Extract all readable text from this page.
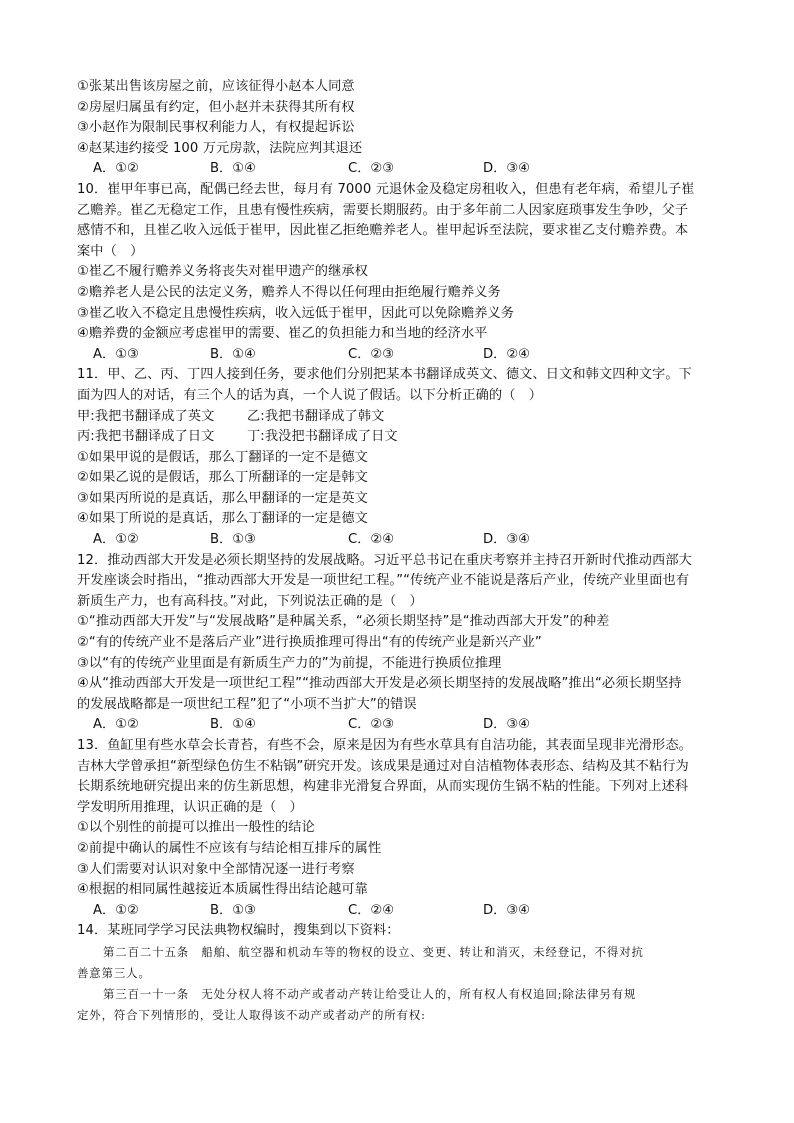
①张某出售该房屋之前，应该征得小赵本人同意
②房屋归属虽有约定，但小赵并未获得其所有权
③小赵作为限制民事权利能力人，有权提起诉讼
④赵某违约接受 100 万元房款，法院应判其退还
A．①②	B．①④	C．②③	D．③④
10．崔甲年事已高，配偶已经去世，每月有 7000 元退休金及稳定房租收入，但患有老年病，希望儿子崔
乙赡养。崔乙无稳定工作，且患有慢性疾病，需要长期服药。由于多年前二人因家庭琐事发生争吵，父子
感情不和，且崔乙收入远低于崔甲，因此崔乙拒绝赡养老人。崔甲起诉至法院，要求崔乙支付赡养费。本
案中（　）
①崔乙不履行赡养义务将丧失对崔甲遗产的继承权
②赡养老人是公民的法定义务，赡养人不得以任何理由拒绝履行赡养义务
③崔乙收入不稳定且患慢性疾病，收入远低于崔甲，因此可以免除赡养义务
④赡养费的金额应考虑崔甲的需要、崔乙的负担能力和当地的经济水平
A．①③	B．①④	C．②③	D．②④
11．甲、乙、丙、丁四人接到任务，要求他们分别把某本书翻译成英文、德文、日文和韩文四种文字。下
面为四人的对话，有三个人的话为真，一个人说了假话。以下分析正确的（　）
甲:我把书翻译成了英文 乙:我把书翻译成了韩文
丙:我把书翻译成了日文 丁:我没把书翻译成了日文
①如果甲说的是假话，那么丁翻译的一定不是德文
②如果乙说的是假话，那么丁所翻译的一定是韩文
③如果丙所说的是真话，那么甲翻译的一定是英文
④如果丁所说的是真话，那么丁翻译的一定是德文
A．①②	B．①③	C．②④	D．③④
12．推动西部大开发是必须长期坚持的发展战略。习近平总书记在重庆考察并主持召开新时代推动西部大
开发座谈会时指出，“推动西部大开发是一项世纪工程。”“传统产业不能说是落后产业，传统产业里面也有
新质生产力，也有高科技。”对此，下列说法正确的是（　）
①“推动西部大开发”与“发展战略”是种属关系，“必须长期坚持”是“推动西部大开发”的种差
②“有的传统产业不是落后产业”进行换质推理可得出“有的传统产业是新兴产业”
③以“有的传统产业里面是有新质生产力的”为前提，不能进行换质位推理
④从“推动西部大开发是一项世纪工程”“推动西部大开发是必须长期坚持的发展战略”推出“必须长期坚持
的发展战略都是一项世纪工程”犯了“小项不当扩大”的错误
A．①②	B．①④	C．②③	D．③④
13．鱼缸里有些水草会长青苔，有些不会，原来是因为有些水草具有自洁功能，其表面呈现非光滑形态。
吉林大学曾承担“新型绿色仿生不粘锅”研究开发。该成果是通过对自洁植物体表形态、结构及其不粘行为
长期系统地研究提出来的仿生新思想，构建非光滑复合界面，从而实现仿生锅不粘的性能。下列对上述科
学发明所用推理，认识正确的是（　）
①以个别性的前提可以推出一般性的结论
②前提中确认的属性不应该有与结论相互排斥的属性
③人们需要对认识对象中全部情况逐一进行考察
④根据的相同属性越接近本质属性得出结论越可靠
A．①②	B．①③	C．②④	D．③④
14．某班同学学习民法典物权编时，搜集到以下资料：
第二百二十五条　船舶、航空器和机动车等的物权的设立、变更、转让和消灭，未经登记，不得对抗
善意第三人。
第三百一十一条　无处分权人将不动产或者动产转让给受让人的，所有权人有权追回;除法律另有规
定外，符合下列情形的，受让人取得该不动产或者动产的所有权:
